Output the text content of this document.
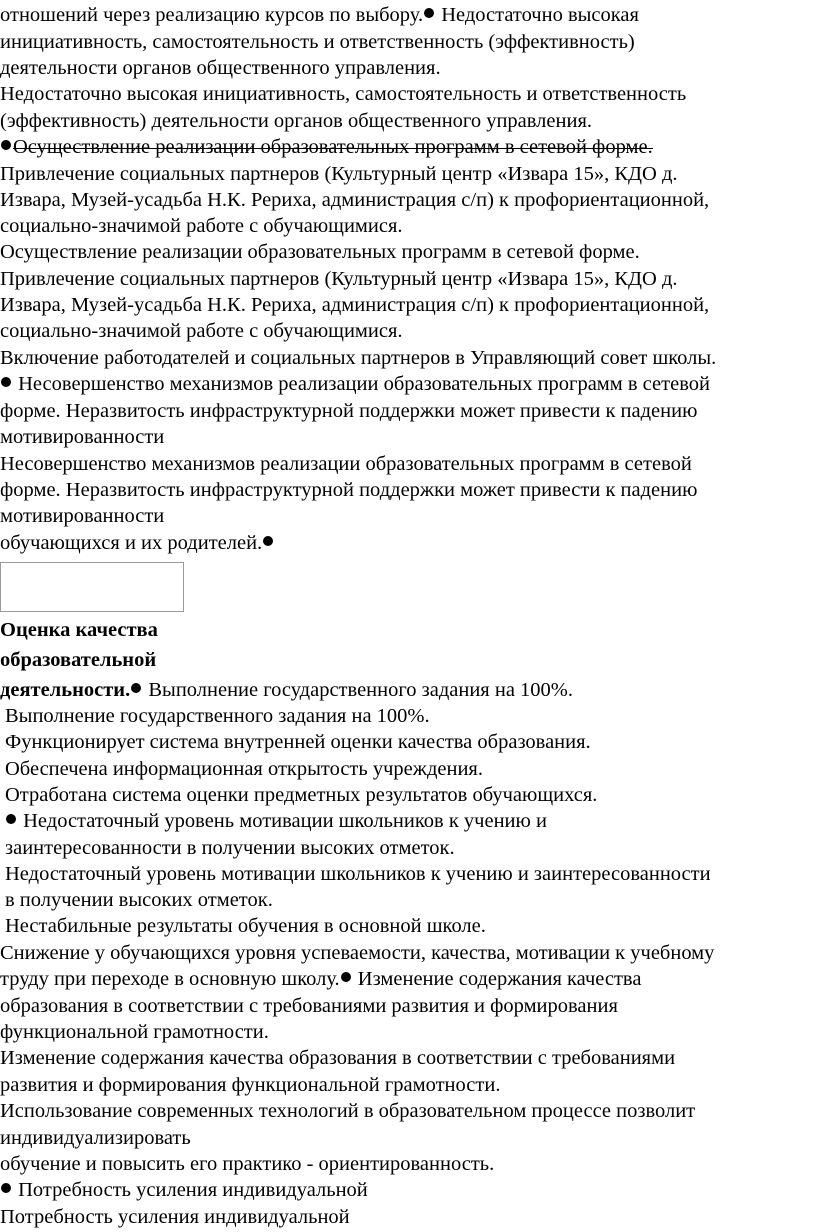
отношений через реализацию курсов по выбору. Недостаточно высокая

инициативность, самостоятельность и ответственность (эффективность)

деятельности органов общественного управления.

Недостаточно высокая инициативность, самостоятельность и ответственность

(эффективность) деятельности органов общественного управления.

Осуществление реализации образовательных программ в сетевой форме.

Привлечение социальных партнеров (Культурный центр «Извара 15», КДО д.

Извара, Музей-усадьба Н.К. Рериха, администрация с/п) к профориентационной,

социально-значимой работе с обучающимися.

Осуществление реализации образовательных программ в сетевой форме.

Привлечение социальных партнеров (Культурный центр «Извара 15», КДО д.

Извара, Музей-усадьба Н.К. Рериха, администрация с/п) к профориентационной,

социально-значимой работе с обучающимися.

Включение работодателей и социальных партнеров в Управляющий совет школы.

Несовершенство механизмов реализации образовательных программ в сетевой

форме. Неразвитость инфраструктурной поддержки может привести к падению

мотивированности

Несовершенство механизмов реализации образовательных программ в сетевой

форме. Неразвитость инфраструктурной поддержки может привести к падению

мотивированности

обучающихся и их родителей.

Оценка качества

образовательной

деятельности. Выполнение государственного задания на 100%.

Выполнение государственного задания на 100%.

Функционирует система внутренней оценки качества образования.

Обеспечена информационная открытость учреждения.

Отработана система оценки предметных результатов обучающихся.

Недостаточный уровень мотивации школьников к учению и

заинтересованности в получении высоких отметок.

Недостаточный уровень мотивации школьников к учению и заинтересованности

в получении высоких отметок.

Нестабильные результаты обучения в основной школе.

Снижение у обучающихся уровня успеваемости, качества, мотивации к учебному

труду при переходе в основную школу. Изменение содержания качества

образования в соответствии с требованиями развития и формирования

функциональной грамотности.

Изменение содержания качества образования в соответствии с требованиями

развития и формирования функциональной грамотности.

Использование современных технологий в образовательном процессе позволит

индивидуализировать

обучение и повысить его практико - ориентированность.

Потребность усиления индивидуальной

Потребность усиления индивидуальной
